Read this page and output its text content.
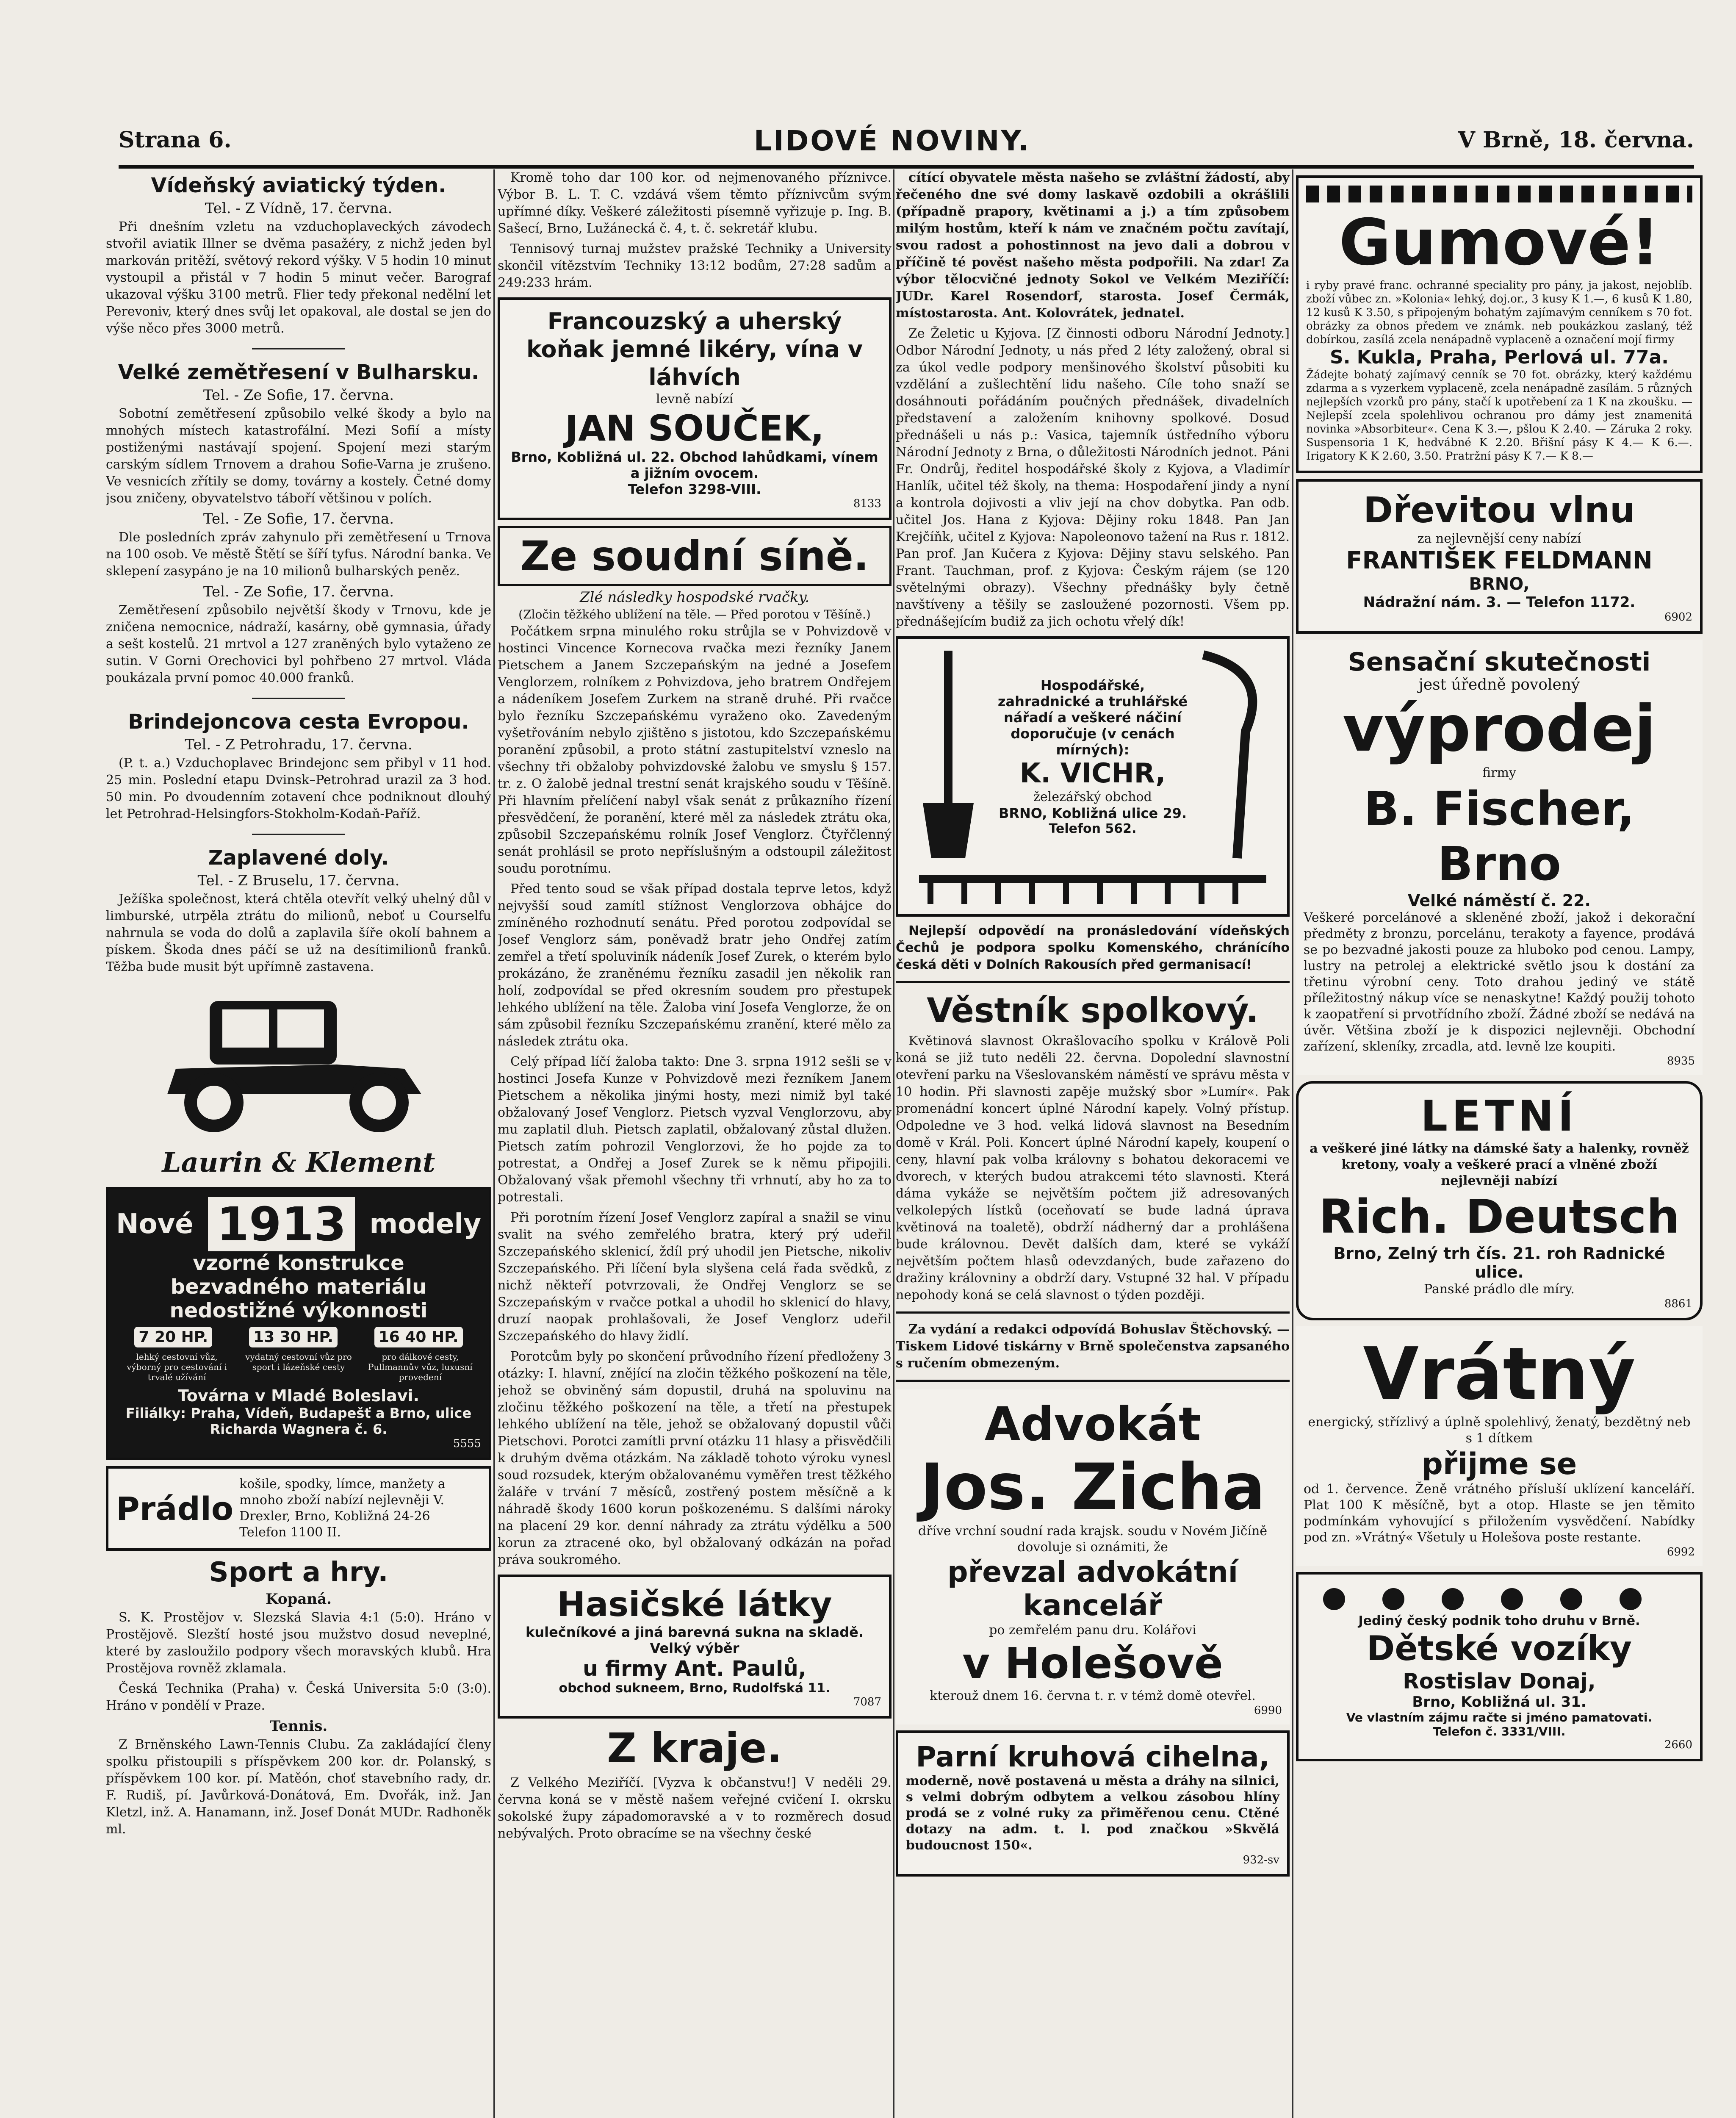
Strana 6.	LIDOVÉ NOVINY.	V Brně, 18. června.
Vídeňský aviatický týden.
Tel. - Z Vídně, 17. června.

Při dnešním vzletu na vzduchoplaveckých závodech stvořil aviatik Illner se dvěma pasažéry, z nichž jeden byl markován pritěží, světový rekord výšky. V 5 hodin 10 minut vystoupil a přistál v 7 hodin 5 minut večer. Barograf ukazoval výšku 3100 metrů. Flier tedy překonal nedělní let Perevoniv, který dnes svůj let opakoval, ale dostal se jen do výše něco přes 3000 metrů.

Velké zemětřesení v Bulharsku.
Tel. - Ze Sofie, 17. června.

Sobotní zemětřesení způsobilo velké škody a bylo na mnohých místech katastrofální. Mezi Sofií a místy postiženými nastávají spojení. Spojení mezi starým carským sídlem Trnovem a drahou Sofie-Varna je zrušeno. Ve vesnicích zřítily se domy, továrny a kostely. Četné domy jsou zničeny, obyvatelstvo táboří většinou v polích.

Tel. - Ze Sofie, 17. června.

Dle posledních zpráv zahynulo při zemětřesení u Trnova na 100 osob. Ve městě Štětí se šíří tyfus. Národní banka. Ve sklepení zasypáno je na 10 milionů bulharských peněz.

Tel. - Ze Sofie, 17. června.

Zemětřesení způsobilo největší škody v Trnovu, kde je zničena nemocnice, nádraží, kasárny, obě gymnasia, úřady a sešt kostelů. 21 mrtvol a 127 zraněných bylo vytaženo ze sutin. V Gorni Orechovici byl pohřbeno 27 mrtvol. Vláda poukázala první pomoc 40.000 franků.

Brindejoncova cesta Evropou.
Tel. - Z Petrohradu, 17. června.

(P. t. a.) Vzduchoplavec Brindejonc sem přibyl v 11 hod. 25 min. Poslední etapu Dvinsk–Petrohrad urazil za 3 hod. 50 min. Po dvoudenním zotavení chce podniknout dlouhý let Petrohrad-Helsingfors-Stokholm-Kodaň-Paříž.

Zaplavené doly.
Tel. - Z Bruselu, 17. června.

Ježíška společnost, která chtěla otevřít velký uhelný důl v limburské, utrpěla ztrátu do milionů, neboť u Courselfu nahrnula se voda do dolů a zaplavila šíře okolí bahnem a pískem. Škoda dnes páčí se už na desítimilionů franků. Těžba bude musit být upřímně zastavena.

Laurin & Klement
Nové 1913 modely
vzorné konstrukce
bezvadného materiálu
nedostižné výkonnosti
7 20 HP.	13 30 HP.	16 40 HP.
lehký cestovní vůz, výborný pro cestování i trvalé užívání
vydatný cestovní vůz pro sport i lázeňské cesty
pro dálkové cesty, Pullmannův vůz, luxusní provedení
Továrna v Mladé Boleslavi.
Filiálky: Praha, Vídeň, Budapešť a Brno, ulice Richarda Wagnera č. 6.
5555
Prádlo
košile, spodky, límce, manžety a mnoho zboží nabízí nejlevněji V. Drexler, Brno, Kobližná 24-26
Telefon 1100 II.
Sport a hry.
Kopaná.

S. K. Prostějov v. Slezská Slavia 4:1 (5:0). Hráno v Prostějově. Slezští hosté jsou mužstvo dosud neveplné, které by zasloužilo podpory všech moravských klubů. Hra Prostějova rovněž zklamala.

Česká Technika (Praha) v. Česká Universita 5:0 (3:0). Hráno v pondělí v Praze.

Tennis.

Z Brněnského Lawn-Tennis Clubu. Za zakládající členy spolku přistoupili s příspěvkem 200 kor. dr. Polanský, s příspěvkem 100 kor. pí. Matěón, choť stavebního rady, dr. F. Rudiš, pí. Javůrková-Donátová, Em. Dvořák, inž. Jan Kletzl, inž. A. Hanamann, inž. Josef Donát MUDr. Radhoněk ml.

Kromě toho dar 100 kor. od nejmenovaného příznivce. Výbor B. L. T. C. vzdává všem těmto příznivcům svým upřímné díky. Veškeré záležitosti písemně vyřizuje p. Ing. B. Sašecí, Brno, Lužánecká č. 4, t. č. sekretář klubu.

Tennisový turnaj mužstev pražské Techniky a University skončil vítězstvím Techniky 13:12 bodům, 27:28 sadům a 249:233 hrám.

Francouzský a uherský koňak jemné likéry, vína v láhvích
levně nabízí
JAN SOUČEK,
Brno, Kobližná ul. 22. Obchod lahůdkami, vínem a jižním ovocem.
Telefon 3298-VIII.
8133
Ze soudní síně.
Zlé následky hospodské rvačky.
(Zločin těžkého ublížení na těle. — Před porotou v Těšíně.)

Počátkem srpna minulého roku strůjla se v Pohvizdově v hostinci Vincence Kornecova rvačka mezi řezníky Janem Pietschem a Janem Szczepańským na jedné a Josefem Venglorzem, rolníkem z Pohvizdova, jeho bratrem Ondřejem a nádeníkem Josefem Zurkem na straně druhé. Při rvačce bylo řezníku Szczepańskému vyraženo oko. Zavedeným vyšetřováním nebylo zjištěno s jistotou, kdo Szczepańskému poranění způsobil, a proto státní zastupitelství vzneslo na všechny tři obžaloby pohvizdovské žalobu ve smyslu § 157. tr. z. O žalobě jednal trestní senát krajského soudu v Těšíně. Při hlavním přelíčení nabyl však senát z průkazního řízení přesvědčení, že poranění, které měl za následek ztrátu oka, způsobil Szczepańskému rolník Josef Venglorz. Čtyřčlenný senát prohlásil se proto nepříslušným a odstoupil záležitost soudu porotnímu.

Před tento soud se však případ dostala teprve letos, když nejvyšší soud zamítl stížnost Venglorzova obhájce do zmíněného rozhodnutí senátu. Před porotou zodpovídal se Josef Venglorz sám, poněvadž bratr jeho Ondřej zatím zemřel a třetí spoluviník nádeník Josef Zurek, o kterém bylo prokázáno, že zraněnému řezníku zasadil jen několik ran holí, zodpovídal se před okresním soudem pro přestupek lehkého ublížení na těle. Žaloba viní Josefa Venglorze, že on sám způsobil řezníku Szczepańskému zranění, které mělo za následek ztrátu oka.

Celý případ líčí žaloba takto: Dne 3. srpna 1912 sešli se v hostinci Josefa Kunze v Pohvizdově mezi řezníkem Janem Pietschem a několika jinými hosty, mezi nimiž byl také obžalovaný Josef Venglorz. Pietsch vyzval Venglorzovu, aby mu zaplatil dluh. Pietsch zaplatil, obžalovaný zůstal dlužen. Pietsch zatím pohrozil Venglorzovi, že ho pojde za to potrestat, a Ondřej a Josef Zurek se k němu připojili. Obžalovaný však přemohl všechny tři vrhnutí, aby ho za to potrestali.

Při porotním řízení Josef Venglorz zapíral a snažil se vinu svalit na svého zemřelého bratra, který prý udeřil Szczepańského sklenicí, ždíl prý uhodil jen Pietsche, nikoliv Szczepańského. Při líčení byla slyšena celá řada svědků, z nichž někteří potvrzovali, že Ondřej Venglorz se se Szczepańským v rvačce potkal a uhodil ho sklenicí do hlavy, druzí naopak prohlašovali, že Josef Venglorz udeřil Szczepańského do hlavy židlí.

Porotcům byly po skončení průvodního řízení předloženy 3 otázky: I. hlavní, znějící na zločin těžkého poškození na těle, jehož se obviněný sám dopustil, druhá na spoluvinu na zločinu těžkého poškození na těle, a třetí na přestupek lehkého ublížení na těle, jehož se obžalovaný dopustil vůči Pietschovi. Porotci zamítli první otázku 11 hlasy a přisvědčili k druhým dvěma otázkám. Na základě tohoto výroku vynesl soud rozsudek, kterým obžalovanému vyměřen trest těžkého žaláře v trvání 7 měsíců, zostřený postem měsíčně a k náhradě škody 1600 korun poškozenému. S dalšími nároky na placení 29 kor. denní náhrady za ztrátu výdělku a 500 korun za ztracené oko, byl obžalovaný odkázán na pořad práva soukromého.

Hasičské látky
kulečníkové a jiná barevná sukna na skladě. Velký výběr
u firmy Ant. Paulů,
obchod sukneem, Brno, Rudolfská 11.
7087
Z kraje.

Z Velkého Meziříčí. [Vyzva k občanstvu!] V neděli 29. června koná se v městě našem veřejné cvičení I. okrsku sokolské župy západomoravské a v to rozměrech dosud nebývalých. Proto obracíme se na všechny české

cítící obyvatele města našeho se zvláštní žádostí, aby řečeného dne své domy laskavě ozdobili a okrášlili (případně prapory, květinami a j.) a tím způsobem milým hostům, kteří k nám ve značném počtu zavítají, svou radost a pohostinnost na jevo dali a dobrou v příčině té pověst našeho města podpořili. Na zdar! Za výbor tělocvičné jednoty Sokol ve Velkém Meziříčí: JUDr. Karel Rosendorf, starosta. Josef Čermák, místostarosta. Ant. Kolovrátek, jednatel.

Ze Želetic u Kyjova. [Z činnosti odboru Národní Jednoty.] Odbor Národní Jednoty, u nás před 2 léty založený, obral si za úkol vedle podpory menšinového školství působiti ku vzdělání a zušlechtění lidu našeho. Cíle toho snaží se dosáhnouti pořádáním poučných přednášek, divadelních představení a založením knihovny spolkové. Dosud přednášeli u nás p.: Vasica, tajemník ústředního výboru Národní Jednoty z Brna, o důležitosti Národních jednot. Páni Fr. Ondrůj, ředitel hospodářské školy z Kyjova, a Vladimír Hanlík, učitel též školy, na thema: Hospodaření jindy a nyní a kontrola dojivosti a vliv její na chov dobytka. Pan odb. učitel Jos. Hana z Kyjova: Dějiny roku 1848. Pan Jan Krejčíňk, učitel z Kyjova: Napoleonovo tažení na Rus r. 1812. Pan prof. Jan Kučera z Kyjova: Dějiny stavu selského. Pan Frant. Tauchman, prof. z Kyjova: Českým rájem (se 120 světelnými obrazy). Všechny přednášky byly četně navštíveny a těšily se zasloužené pozornosti. Všem pp. přednášejícím budiž za jich ochotu vřelý dík!

Hospodářské, zahradnické a truhlářské nářadí a veškeré náčiní doporučuje (v cenách mírných):
K. VICHR,
železářský obchod
BRNO, Kobližná ulice 29.
Telefon 562.

Nejlepší odpovědí na pronásledování vídeňských Čechů je podpora spolku Komenského, chránícího česká děti v Dolních Rakousích před germanisací!

Věstník spolkový.

Květinová slavnost Okrašlovacího spolku v Králově Poli koná se již tuto neděli 22. června. Dopolední slavnostní otevření parku na Všeslovanském náměstí ve správu města v 10 hodin. Při slavnosti zapěje mužský sbor »Lumír«. Pak promenádní koncert úplné Národní kapely. Volný přístup. Odpoledne ve 3 hod. velká lidová slavnost na Besedním domě v Král. Poli. Koncert úplné Národní kapely, koupení o ceny, hlavní pak volba královny s bohatou dekoracemi ve dvorech, v kterých budou atrakcemi této slavnosti. Která dáma vykáže se největším počtem již adresovaných velkolepých lístků (oceňovatí se bude ladná úprava květinová na toaletě), obdrží nádherný dar a prohlášena bude královnou. Devět dalších dam, které se vykáží největším počtem hlasů odevzdaných, bude zařazeno do dražiny královniny a obdrží dary. Vstupné 32 hal. V případu nepohody koná se celá slavnost o týden později.

Za vydání a redakci odpovídá Bohuslav Štěchovský. — Tiskem Lidové tiskárny v Brně společenstva zapsaného s ručením obmezeným.

Advokát
Jos. Zicha
dříve vrchní soudní rada krajsk. soudu v Novém Jičíně
dovoluje si oznámiti, že
převzal advokátní kancelář
po zemřelém panu dru. Kolářovi
v Holešově
kterouž dnem 16. června t. r. v témž domě otevřel.
6990
Parní kruhová cihelna,
moderně, nově postavená u města a dráhy na silnici, s velmi dobrým odbytem a velkou zásobou hlíny prodá se z volné ruky za přiměřenou cenu. Ctěné dotazy na adm. t. l. pod značkou »Skvělá budoucnost 150«.
932-sv
Gumové!
i ryby pravé franc. ochranné speciality pro pány, ja jakost, nejoblíb. zboží vůbec zn. »Kolonia« lehký, doj.or., 3 kusy K 1.—, 6 kusů K 1.80, 12 kusů K 3.50, s připojeným bohatým zajímavým cenníkem s 70 fot. obrázky za obnos předem ve známk. neb poukázkou zaslaný, též dobírkou, zasílá zcela nenápadně vyplaceně a označení mojí firmy
S. Kukla, Praha, Perlová ul. 77a.
Žádejte bohatý zajímavý cenník se 70 fot. obrázky, který každému zdarma a s vyzerkem vyplaceně, zcela nenápadně zasílám. 5 různých nejlepších vzorků pro pány, stačí k upotřebení za 1 K na zkoušku. — Nejlepší zcela spolehlivou ochranou pro dámy jest znamenitá novinka »Absorbiteur«. Cena K 3.—, pšlou K 2.40. — Záruka 2 roky. Suspensoria 1 K, hedvábné K 2.20. Břišní pásy K 4.— K 6.—. Irigatory K K 2.60, 3.50. Pratržní pásy K 7.— K 8.—
Dřevitou vlnu
za nejlevnější ceny nabízí
FRANTIŠEK FELDMANN
BRNO,
Nádražní nám. 3. — Telefon 1172.
6902
Sensační skutečnosti
jest úředně povolený
výprodej
firmy
B. Fischer, Brno
Velké náměstí č. 22.
Veškeré porcelánové a skleněné zboží, jakož i dekorační předměty z bronzu, porcelánu, terakoty a fayence, prodává se po bezvadné jakosti pouze za hluboko pod cenou. Lampy, lustry na petrolej a elektrické světlo jsou k dostání za třetinu výrobní ceny. Toto drahou jediný ve státě příležitostný nákup více se nenaskytne! Každý použij tohoto k zaopatření si prvotřídního zboží. Žádné zboží se nedává na úvěr. Většina zboží je k dispozici nejlevněji. Obchodní zařízení, skleníky, zrcadla, atd. levně lze koupiti.
8935
LETNÍ
a veškeré jiné látky na dámské šaty a halenky, rovněž kretony, voaly a veškeré prací a vlněné zboží nejlevněji nabízí
Rich. Deutsch
Brno, Zelný trh čís. 21. roh Radnické ulice.
Panské prádlo dle míry.
8861
Vrátný
energický, střízlivý a úplně spolehlivý, ženatý, bezdětný neb s 1 dítkem
přijme se
od 1. července. Ženě vrátného přísluší uklízení kanceláří. Plat 100 K měsíčně, byt a otop. Hlaste se jen těmito podmínkám vyhovující s přiložením vysvědčení. Nabídky pod zn. »Vrátný« Všetuly u Holešova poste restante.
6992
Jediný český podnik toho druhu v Brně.
Dětské vozíky
Rostislav Donaj,
Brno, Kobližná ul. 31.
Ve vlastním zájmu račte si jméno pamatovati.
Telefon č. 3331/VIII.
2660
